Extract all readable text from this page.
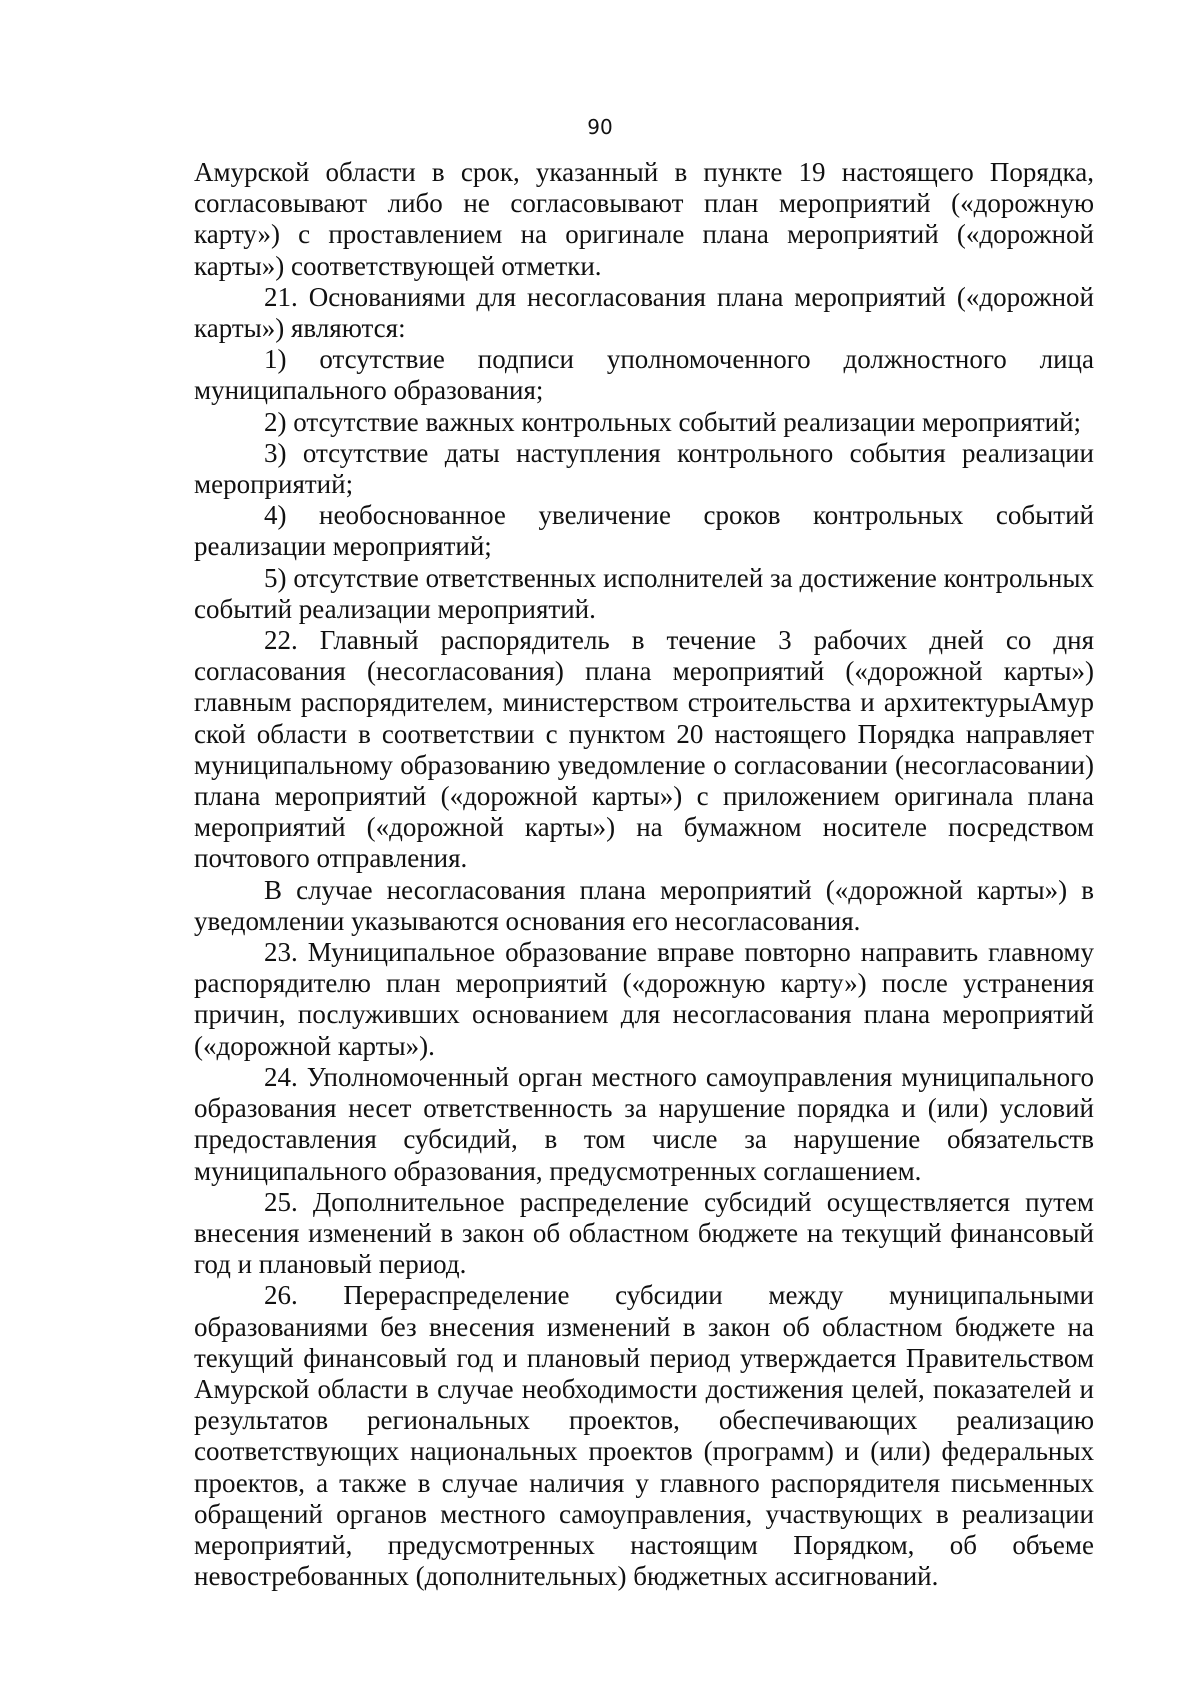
90

Амурской области в срок, указанный в пункте 19 настоящего Порядка, согласовывают либо не согласовывают план мероприятий («дорожную карту») с проставлением на оригинале плана мероприятий («дорожной карты») соответствующей отметки.

21. Основаниями для несогласования плана мероприятий («дорожной карты») являются:

1) отсутствие подписи уполномоченного должностного лица муниципального образования;

2) отсутствие важных контрольных событий реализации мероприятий;

3) отсутствие даты наступления контрольного события реализации мероприятий;

4) необоснованное увеличение сроков контрольных событий реализации мероприятий;

5) отсутствие ответственных исполнителей за достижение контрольных событий реализации мероприятий.

22. Главный распорядитель в течение 3 рабочих дней со дня согласования (несогласования) плана мероприятий («дорожной карты») главным распорядителем, министерством строительства и архитектурыАмур ской области в соответствии с пунктом 20 настоящего Порядка направляет муниципальному образованию уведомление о согласовании (несогласовании) плана мероприятий («дорожной карты») с приложением оригинала плана мероприятий («дорожной карты») на бумажном носителе посредством почтового отправления.

В случае несогласования плана мероприятий («дорожной карты») в уведомлении указываются основания его несогласования.

23. Муниципальное образование вправе повторно направить главному распорядителю план мероприятий («дорожную карту») после устранения причин, послуживших основанием для несогласования плана мероприятий («дорожной карты»).

24. Уполномоченный орган местного самоуправления муниципального образования несет ответственность за нарушение порядка и (или) условий предоставления субсидий, в том числе за нарушение обязательств муниципального образования, предусмотренных соглашением.

25. Дополнительное распределение субсидий осуществляется путем внесения изменений в закон об областном бюджете на текущий финансовый год и плановый период.

26. Перераспределение субсидии между муниципальными образованиями без внесения изменений в закон об областном бюджете на текущий финансовый год и плановый период утверждается Правительством Амурской области в случае необходимости достижения целей, показателей и результатов региональных проектов, обеспечивающих реализацию соответствующих национальных проектов (программ) и (или) федеральных проектов, а также в случае наличия у главного распорядителя письменных обращений органов местного самоуправления, участвующих в реализации мероприятий, предусмотренных настоящим Порядком, об объеме невостребованных (дополнительных) бюджетных ассигнований.
